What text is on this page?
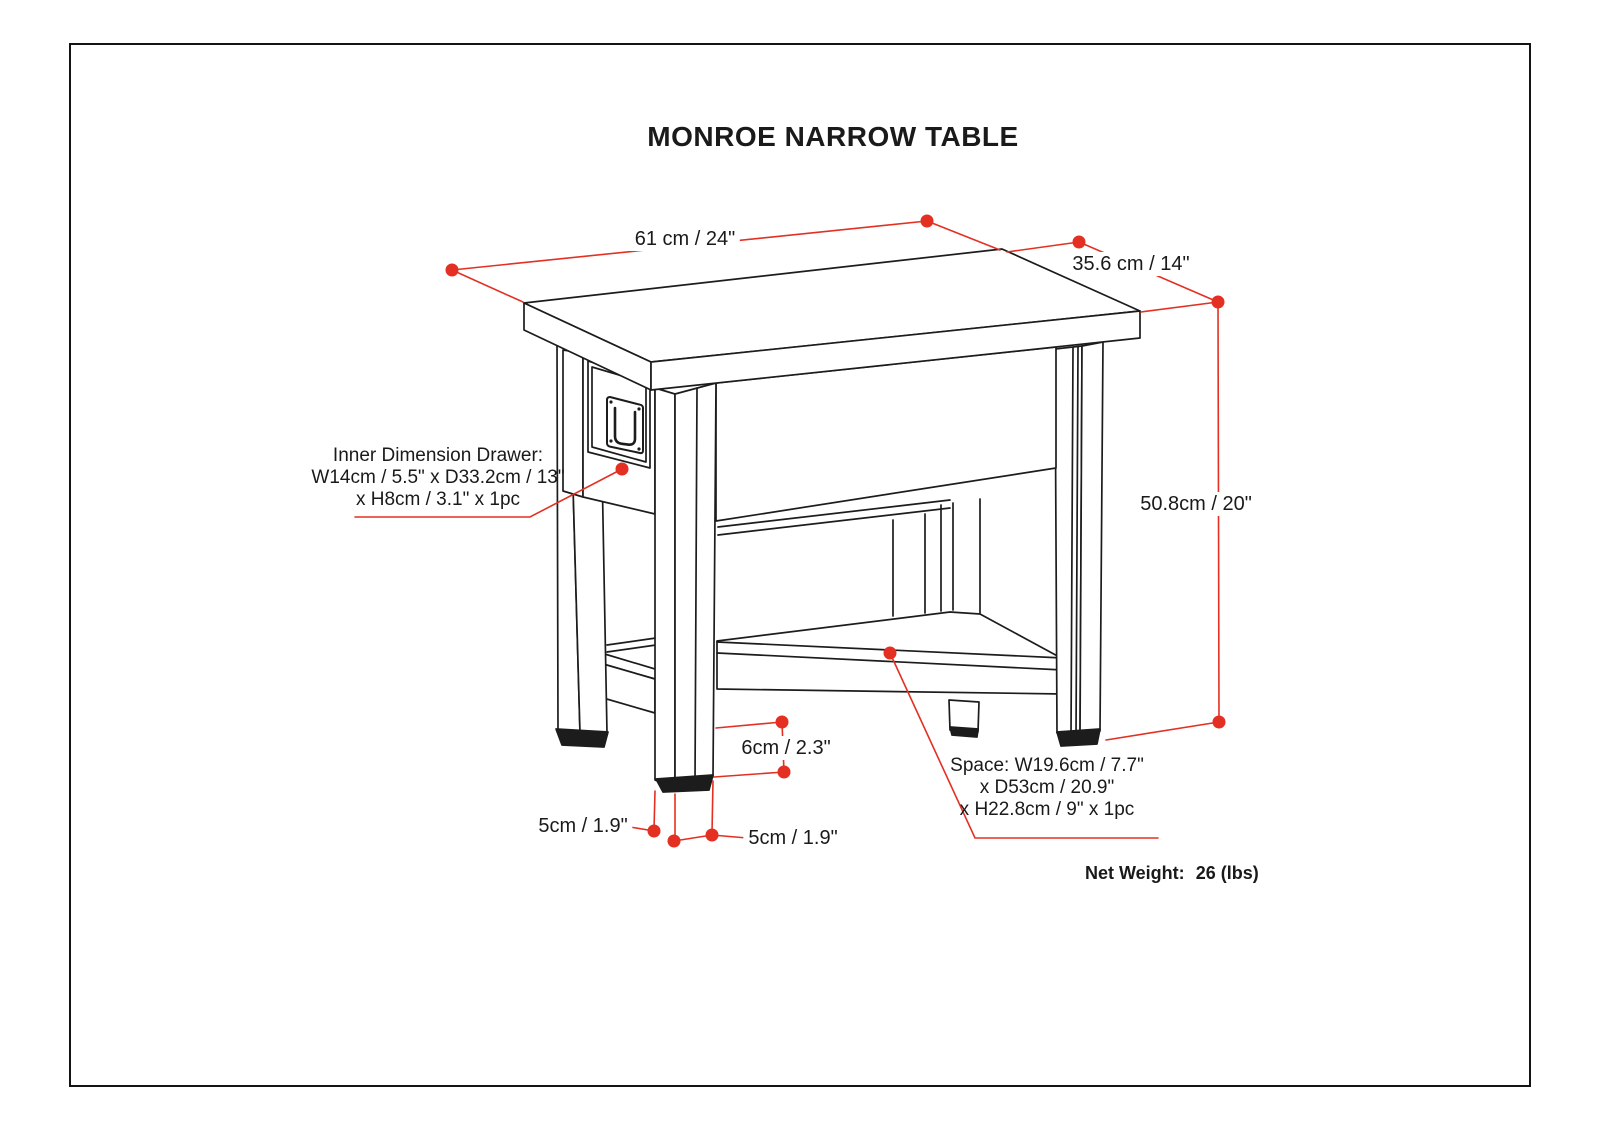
MONROE NARROW TABLE
61 cm / 24"
35.6 cm / 14"
50.8cm / 20"
6cm / 2.3"
5cm / 1.9"
5cm / 1.9"
Inner Dimension Drawer:
W14cm / 5.5" x D33.2cm / 13"
x H8cm / 3.1" x 1pc
Space: W19.6cm / 7.7"
x D53cm / 20.9"
x H22.8cm / 9" x 1pc
Net Weight: 26 (lbs)
